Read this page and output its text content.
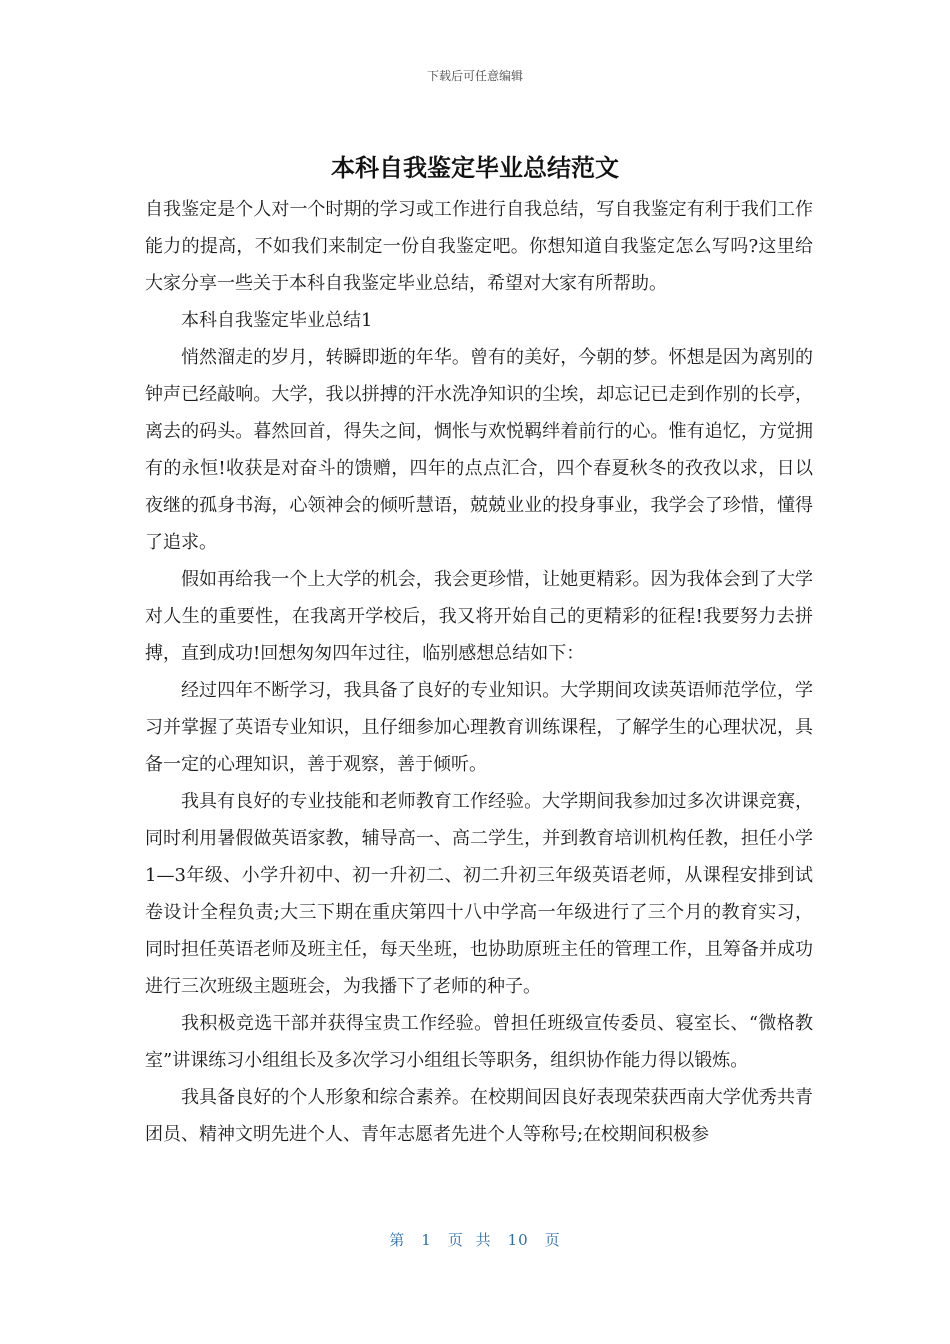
下载后可任意编辑
本科自我鉴定毕业总结范文

自我鉴定是个人对一个时期的学习或工作进行自我总结，写自我鉴定有利于我们工作能力的提高，不如我们来制定一份自我鉴定吧。你想知道自我鉴定怎么写吗?这里给大家分享一些关于本科自我鉴定毕业总结，希望对大家有所帮助。

本科自我鉴定毕业总结1

悄然溜走的岁月，转瞬即逝的年华。曾有的美好，今朝的梦。怀想是因为离别的钟声已经敲响。大学，我以拼搏的汗水洗净知识的尘埃，却忘记已走到作别的长亭，离去的码头。暮然回首，得失之间，惆怅与欢悦羁绊着前行的心。惟有追忆，方觉拥有的永恒!收获是对奋斗的馈赠，四年的点点汇合，四个春夏秋冬的孜孜以求，日以夜继的孤身书海，心领神会的倾听慧语，兢兢业业的投身事业，我学会了珍惜，懂得了追求。

假如再给我一个上大学的机会，我会更珍惜，让她更精彩。因为我体会到了大学对人生的重要性，在我离开学校后，我又将开始自己的更精彩的征程!我要努力去拼搏，直到成功!回想匆匆四年过往，临别感想总结如下：

经过四年不断学习，我具备了良好的专业知识。大学期间攻读英语师范学位，学习并掌握了英语专业知识，且仔细参加心理教育训练课程，了解学生的心理状况，具备一定的心理知识，善于观察，善于倾听。

我具有良好的专业技能和老师教育工作经验。大学期间我参加过多次讲课竞赛，同时利用暑假做英语家教，辅导高一、高二学生，并到教育培训机构任教，担任小学1—3年级、小学升初中、初一升初二、初二升初三年级英语老师，从课程安排到试卷设计全程负责;大三下期在重庆第四十八中学高一年级进行了三个月的教育实习，同时担任英语老师及班主任，每天坐班，也协助原班主任的管理工作，且筹备并成功进行三次班级主题班会，为我播下了老师的种子。

我积极竞选干部并获得宝贵工作经验。曾担任班级宣传委员、寝室长、“微格教室”讲课练习小组组长及多次学习小组组长等职务，组织协作能力得以锻炼。

我具备良好的个人形象和综合素养。在校期间因良好表现荣获西南大学优秀共青团员、精神文明先进个人、青年志愿者先进个人等称号;在校期间积极参

第 1 页 共 10 页
